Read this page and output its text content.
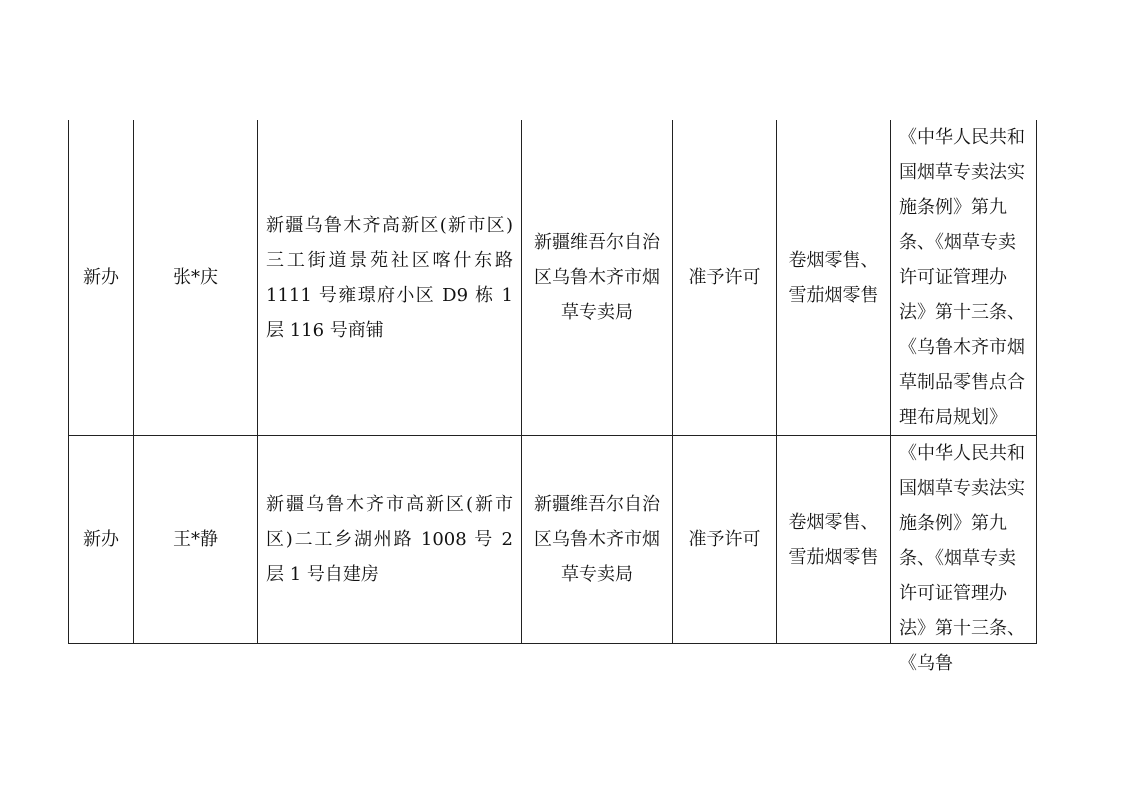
新办	张*庆	新疆乌鲁木齐高新区(新市区)三工街道景苑社区喀什东路 1111 号雍璟府小区 D9 栋 1 层 116 号商铺	新疆维吾尔自治区乌鲁木齐市烟草专卖局	准予许可	卷烟零售、雪茄烟零售	《中华人民共和国烟草专卖法实施条例》第九条、《烟草专卖许可证管理办法》第十三条、《乌鲁木齐市烟草制品零售点合理布局规划》
新办	王*静	新疆乌鲁木齐市高新区(新市区)二工乡湖州路 1008 号 2 层 1 号自建房	新疆维吾尔自治区乌鲁木齐市烟草专卖局	准予许可	卷烟零售、雪茄烟零售	《中华人民共和国烟草专卖法实施条例》第九条、《烟草专卖许可证管理办法》第十三条、《乌鲁
